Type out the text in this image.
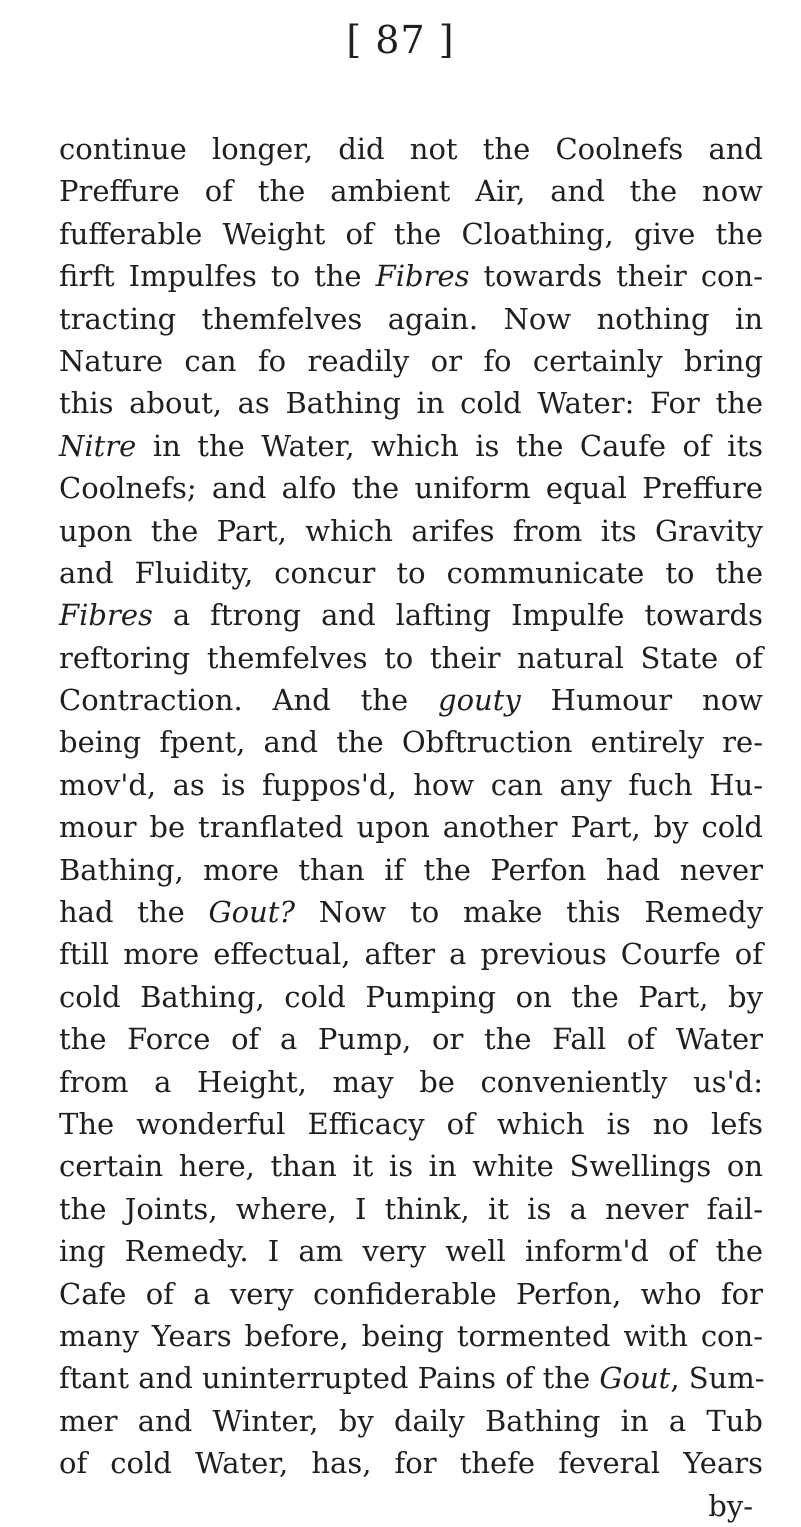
[ 87 ]
continue longer, did not the Coolnefs and
Preffure of the ambient Air, and the now
fufferable Weight of the Cloathing, give the
firft Impulfes to the Fibres towards their con-
tracting themfelves again. Now nothing in
Nature can fo readily or fo certainly bring
this about, as Bathing in cold Water: For the
Nitre in the Water, which is the Caufe of its
Coolnefs; and alfo the uniform equal Preffure
upon the Part, which arifes from its Gravity
and Fluidity, concur to communicate to the
Fibres a ftrong and lafting Impulfe towards
reftoring themfelves to their natural State of
Contraction. And the gouty Humour now
being fpent, and the Obftruction entirely re-
mov'd, as is fuppos'd, how can any fuch Hu-
mour be tranflated upon another Part, by cold
Bathing, more than if the Perfon had never
had the Gout? Now to make this Remedy
ftill more effectual, after a previous Courfe of
cold Bathing, cold Pumping on the Part, by
the Force of a Pump, or the Fall of Water
from a Height, may be conveniently us'd:
The wonderful Efficacy of which is no lefs
certain here, than it is in white Swellings on
the Joints, where, I think, it is a never fail-
ing Remedy. I am very well inform'd of the
Cafe of a very confiderable Perfon, who for
many Years before, being tormented with con-
ftant and uninterrupted Pains of the Gout, Sum-
mer and Winter, by daily Bathing in a Tub
of cold Water, has, for thefe feveral Years
by-
